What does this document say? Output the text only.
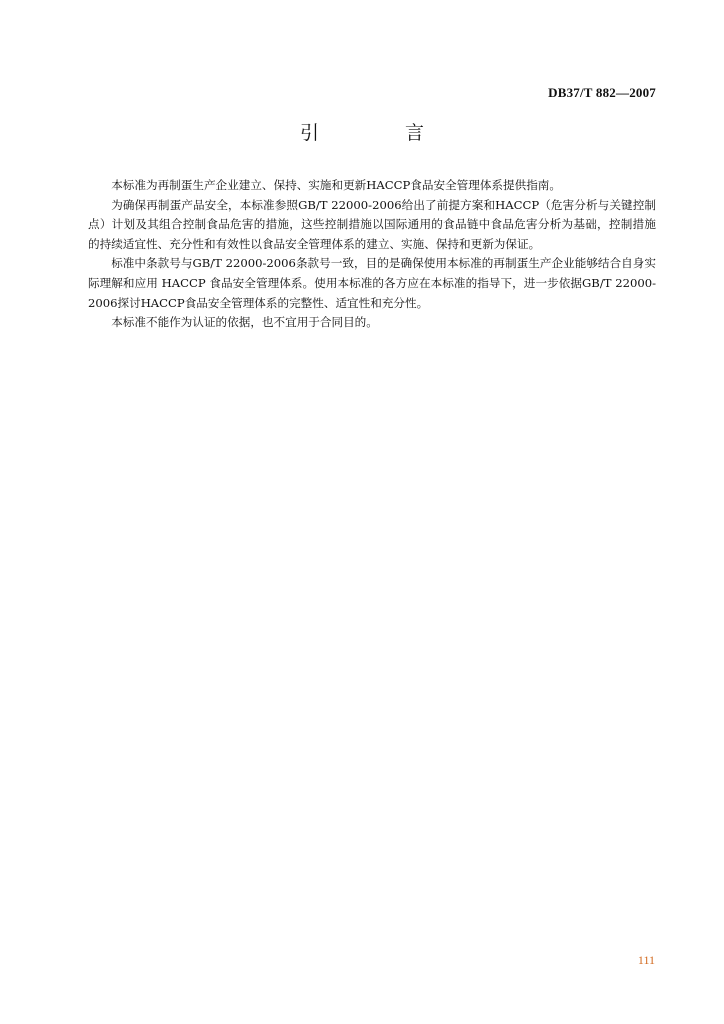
DB37/T 882—2007
引 言

本标准为再制蛋生产企业建立、保持、实施和更新HACCP食品安全管理体系提供指南。

为确保再制蛋产品安全，本标准参照GB/T 22000-2006给出了前提方案和HACCP（危害分析与关键控制点）计划及其组合控制食品危害的措施，这些控制措施以国际通用的食品链中食品危害分析为基础，控制措施的持续适宜性、充分性和有效性以食品安全管理体系的建立、实施、保持和更新为保证。

标准中条款号与GB/T 22000-2006条款号一致，目的是确保使用本标准的再制蛋生产企业能够结合自身实际理解和应用 HACCP 食品安全管理体系。使用本标准的各方应在本标准的指导下，进一步依据GB/T 22000-2006探讨HACCP食品安全管理体系的完整性、适宜性和充分性。

本标准不能作为认证的依据，也不宜用于合同目的。

111
